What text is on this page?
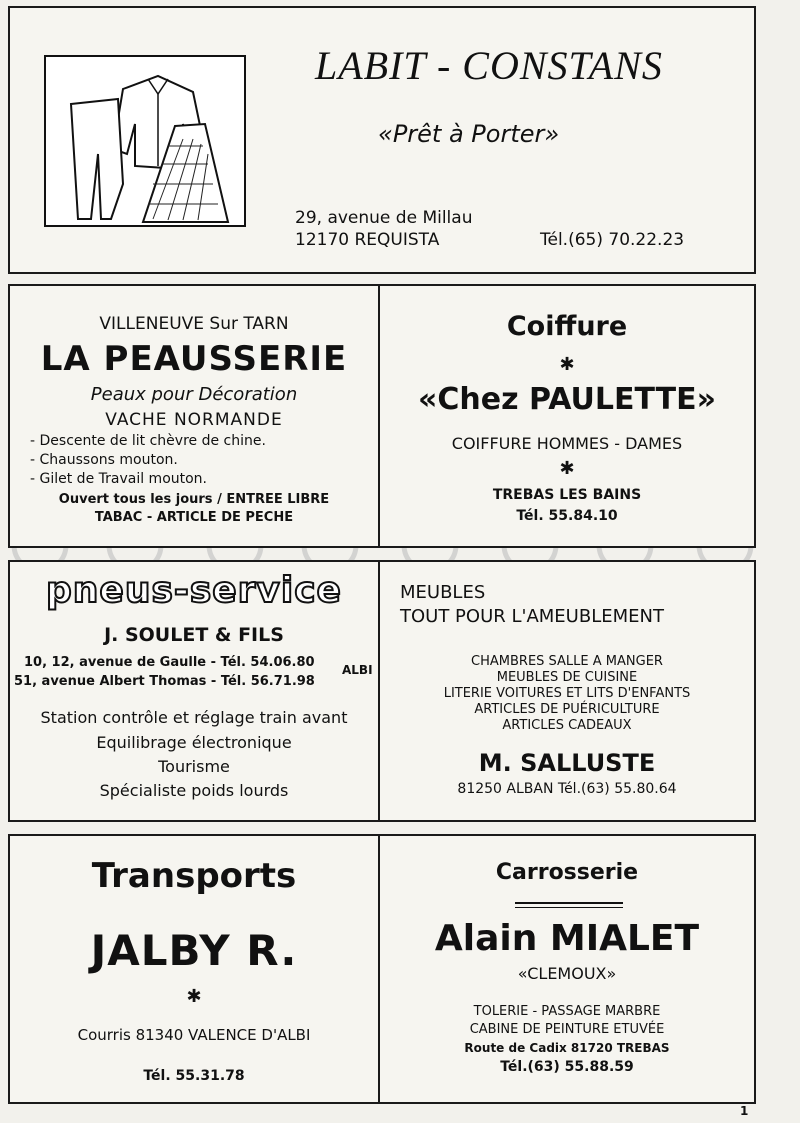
LABIT - CONSTANS
«Prêt à Porter»
29, avenue de Millau
12170 REQUISTA	Tél.(65) 70.22.23
VILLENEUVE Sur TARN
LA PEAUSSERIE
Peaux pour Décoration
VACHE NORMANDE
- Descente de lit chèvre de chine.
- Chaussons mouton.
- Gilet de Travail mouton.
Ouvert tous les jours / ENTREE LIBRE
TABAC - ARTICLE DE PECHE
Coiffure
✱
«Chez PAULETTE»
COIFFURE HOMMES - DAMES
✱
TREBAS LES BAINS
Tél. 55.84.10
pneus-service
J. SOULET & FILS
10, 12, avenue de Gaulle - Tél. 54.06.80
51, avenue Albert Thomas - Tél. 56.71.98
ALBI
Station contrôle et réglage train avant
Equilibrage électronique
Tourisme
Spécialiste poids lourds
MEUBLES
TOUT POUR L'AMEUBLEMENT
CHAMBRES SALLE A MANGER
MEUBLES DE CUISINE
LITERIE VOITURES ET LITS D'ENFANTS
ARTICLES DE PUÉRICULTURE
ARTICLES CADEAUX
M. SALLUSTE
81250 ALBAN Tél.(63) 55.80.64
Transports
JALBY R.
✱
Courris 81340 VALENCE D'ALBI
Tél. 55.31.78
Carrosserie
Alain MIALET
«CLEMOUX»
TOLERIE - PASSAGE MARBRE
CABINE DE PEINTURE ETUVÉE
Route de Cadix 81720 TREBAS
Tél.(63) 55.88.59
1
